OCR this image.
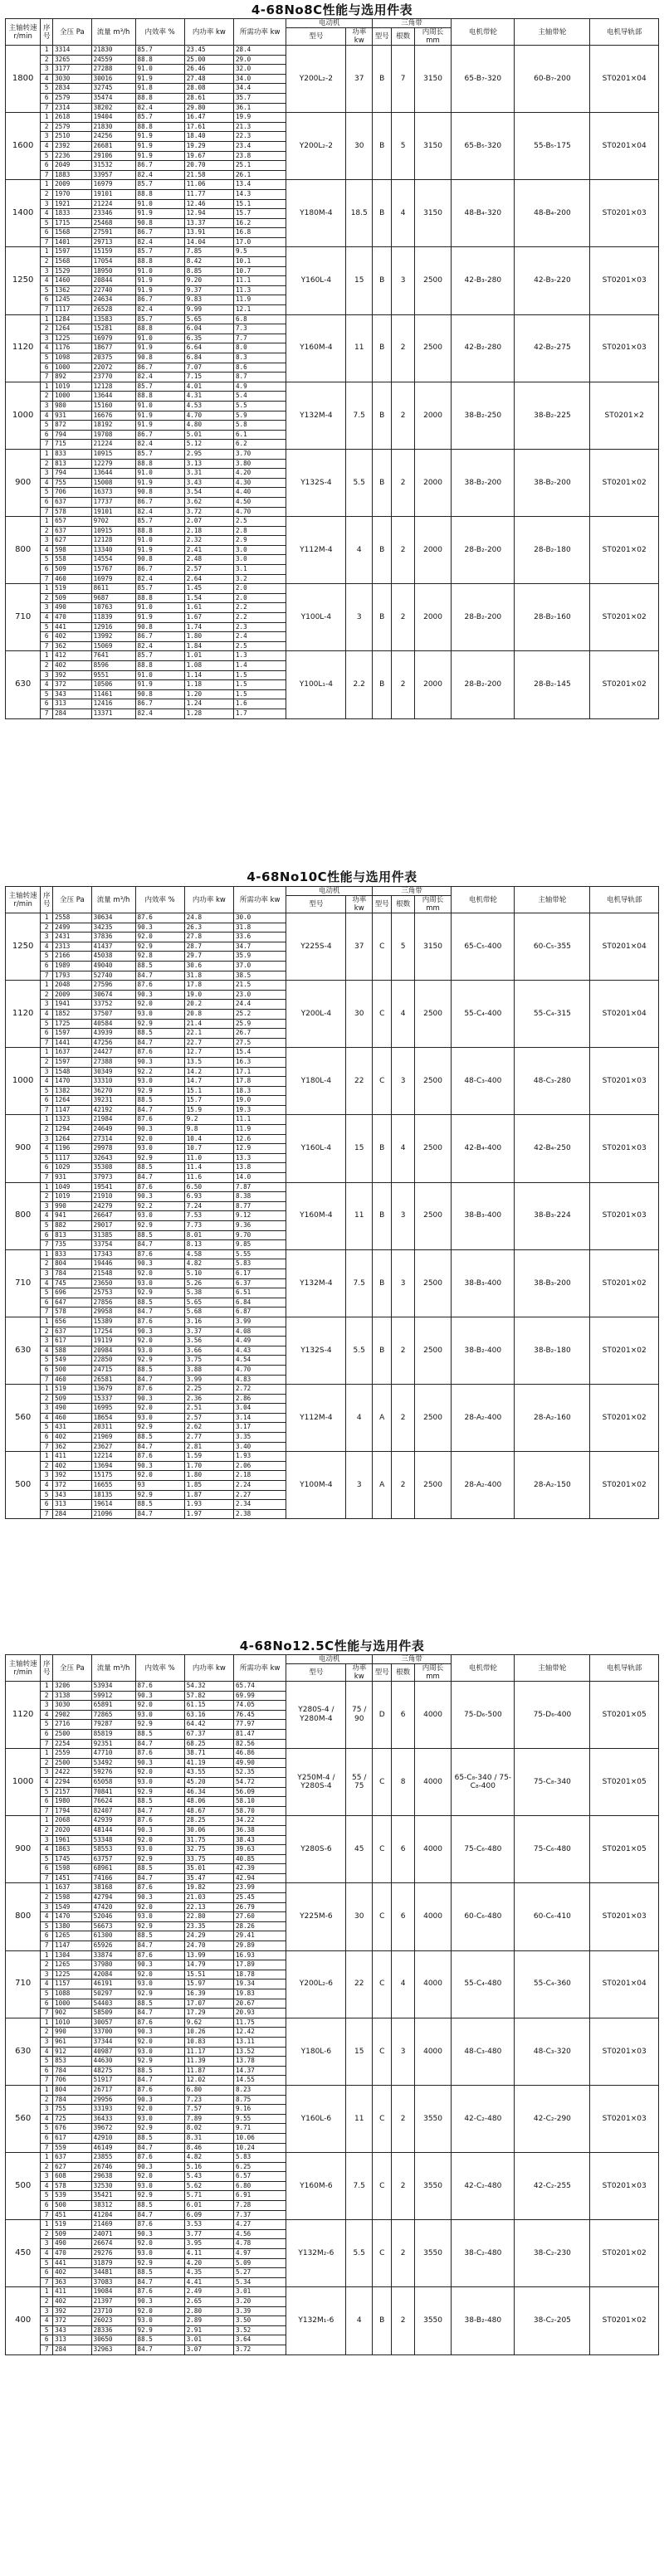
4-68No8C性能与选用件表
主轴转速 r/min	序号	全压 Pa	流量 m³/h	内效率 %	内功率 kw	所需功率 kw	电动机		三角带			电机带轮	主轴带轮	电机导轨部
							型号	功率 kw	型号	根数	内周长 mm			
1800	1	3314	21830	85.7	23.45	28.4	Y200L₂-2	37	B	7	3150	65-B₇-320	60-B₇-200	ST0201×04
	2	3265	24559	88.8	25.00	29.0								
	3	3177	27288	91.0	26.46	32.0								
	4	3030	30016	91.9	27.48	34.0								
	5	2834	32745	91.8	28.08	34.4								
	6	2579	35474	88.8	28.61	35.7								
	7	2314	38202	82.4	29.80	36.1								
1600	1	2618	19404	85.7	16.47	19.9	Y200L₂-2	30	B	5	3150	65-B₅-320	55-B₅-175	ST0201×04
	2	2579	21830	88.8	17.61	21.3								
	3	2510	24256	91.9	18.40	22.3								
	4	2392	26681	91.9	19.29	23.4								
	5	2236	29106	91.9	19.67	23.8								
	6	2049	31532	86.7	20.70	25.1								
	7	1883	33957	82.4	21.58	26.1								
1400	1	2009	16979	85.7	11.06	13.4	Y180M-4	18.5	B	4	3150	48-B₄-320	48-B₄-200	ST0201×03
	2	1970	19101	88.8	11.77	14.3								
	3	1921	21224	91.0	12.46	15.1								
	4	1833	23346	91.9	12.94	15.7								
	5	1715	25468	90.8	13.37	16.2								
	6	1568	27591	86.7	13.91	16.8								
	7	1401	29713	82.4	14.04	17.0								
1250	1	1597	15159	85.7	7.85	9.5	Y160L-4	15	B	3	2500	42-B₃-280	42-B₃-220	ST0201×03
	2	1568	17054	88.8	8.42	10.1								
	3	1529	18950	91.0	8.85	10.7								
	4	1460	20844	91.9	9.20	11.1								
	5	1362	22740	91.9	9.37	11.3								
	6	1245	24634	86.7	9.83	11.9								
	7	1117	26528	82.4	9.99	12.1								
1120	1	1284	13583	85.7	5.65	6.8	Y160M-4	11	B	2	2500	42-B₂-280	42-B₂-275	ST0201×03
	2	1264	15281	88.8	6.04	7.3								
	3	1225	16979	91.0	6.35	7.7								
	4	1176	18677	91.9	6.64	8.0								
	5	1098	20375	90.8	6.84	8.3								
	6	1000	22072	86.7	7.07	8.6								
	7	892	23770	82.4	7.15	8.7								
1000	1	1019	12128	85.7	4.01	4.9	Y132M-4	7.5	B	2	2000	38-B₂-250	38-B₂-225	ST0201×2
	2	1000	13644	88.8	4.31	5.4								
	3	980	15160	91.0	4.53	5.5								
	4	931	16676	91.9	4.70	5.9								
	5	872	18192	91.9	4.80	5.8								
	6	794	19708	86.7	5.01	6.1								
	7	715	21224	82.4	5.12	6.2								
900	1	833	10915	85.7	2.95	3.70	Y132S-4	5.5	B	2	2000	38-B₂-200	38-B₂-200	ST0201×02
	2	813	12279	88.8	3.13	3.80								
	3	794	13644	91.0	3.31	4.20								
	4	755	15008	91.9	3.43	4.30								
	5	706	16373	90.8	3.54	4.40								
	6	637	17737	86.7	3.62	4.50								
	7	578	19101	82.4	3.72	4.70								
800	1	657	9702	85.7	2.07	2.5	Y112M-4	4	B	2	2000	28-B₂-200	28-B₂-180	ST0201×02
	2	637	10915	88.8	2.18	2.8								
	3	627	12128	91.0	2.32	2.9								
	4	598	13340	91.9	2.41	3.0								
	5	558	14554	90.8	2.48	3.0								
	6	509	15767	86.7	2.57	3.1								
	7	460	16979	82.4	2.64	3.2								
710	1	519	8611	85.7	1.45	2.0	Y100L-4	3	B	2	2000	28-B₂-200	28-B₂-160	ST0201×02
	2	509	9687	88.8	1.54	2.0								
	3	490	10763	91.0	1.61	2.2								
	4	470	11839	91.9	1.67	2.2								
	5	441	12916	90.8	1.74	2.3								
	6	402	13992	86.7	1.80	2.4								
	7	362	15069	82.4	1.84	2.5								
630	1	412	7641	85.7	1.01	1.3	Y100L₁-4	2.2	B	2	2000	28-B₂-200	28-B₂-145	ST0201×02
	2	402	8596	88.8	1.08	1.4								
	3	392	9551	91.0	1.14	1.5								
	4	372	10506	91.9	1.18	1.5								
	5	343	11461	90.8	1.20	1.5								
	6	313	12416	86.7	1.24	1.6								
	7	284	13371	82.4	1.28	1.7								
4-68No10C性能与选用件表
主轴转速 r/min	序号	全压 Pa	流量 m³/h	内效率 %	内功率 kw	所需功率 kw	电动机		三角带			电机带轮	主轴带轮	电机导轨部
							型号	功率 kw	型号	根数	内周长 mm			
1250	1	2558	30634	87.6	24.8	30.0	Y225S-4	37	C	5	3150	65-C₅-400	60-C₅-355	ST0201×04
	2	2499	34235	90.3	26.3	31.8								
	3	2431	37836	92.0	27.8	33.6								
	4	2313	41437	92.9	28.7	34.7								
	5	2166	45038	92.8	29.7	35.9								
	6	1989	49040	88.5	30.6	37.0								
	7	1793	52740	84.7	31.8	38.5								
1120	1	2048	27596	87.6	17.8	21.5	Y200L-4	30	C	4	2500	55-C₄-400	55-C₄-315	ST0201×04
	2	2009	30674	90.3	19.0	23.0								
	3	1941	33752	92.0	20.2	24.4								
	4	1852	37507	93.0	20.8	25.2								
	5	1725	40584	92.9	21.4	25.9								
	6	1597	43939	88.5	22.1	26.7								
	7	1441	47256	84.7	22.7	27.5								
1000	1	1637	24427	87.6	12.7	15.4	Y180L-4	22	C	3	2500	48-C₃-400	48-C₃-280	ST0201×03
	2	1597	27388	90.3	13.5	16.3								
	3	1548	30349	92.2	14.2	17.1								
	4	1470	33310	93.0	14.7	17.8								
	5	1382	36270	92.9	15.1	18.3								
	6	1264	39231	88.5	15.7	19.0								
	7	1147	42192	84.7	15.9	19.3								
900	1	1323	21984	87.6	9.2	11.1	Y160L-4	15	B	4	2500	42-B₄-400	42-B₄-250	ST0201×03
	2	1294	24649	90.3	9.8	11.9								
	3	1264	27314	92.0	10.4	12.6								
	4	1196	29978	93.0	10.7	12.9								
	5	1117	32643	92.9	11.0	13.3								
	6	1029	35308	88.5	11.4	13.8								
	7	931	37973	84.7	11.6	14.0								
800	1	1049	19541	87.6	6.50	7.87	Y160M-4	11	B	3	2500	38-B₃-400	38-B₃-224	ST0201×03
	2	1019	21910	90.3	6.93	8.38								
	3	990	24279	92.2	7.24	8.77								
	4	941	26647	93.0	7.53	9.12								
	5	882	29017	92.9	7.73	9.36								
	6	813	31385	88.5	8.01	9.70								
	7	735	33754	84.7	8.13	9.85								
710	1	833	17343	87.6	4.58	5.55	Y132M-4	7.5	B	3	2500	38-B₃-400	38-B₃-200	ST0201×02
	2	804	19446	90.3	4.82	5.83								
	3	784	21548	92.0	5.10	6.17								
	4	745	23650	93.0	5.26	6.37								
	5	696	25753	92.9	5.38	6.51								
	6	647	27856	88.5	5.65	6.84								
	7	578	29958	84.7	5.68	6.87								
630	1	656	15389	87.6	3.16	3.99	Y132S-4	5.5	B	2	2500	38-B₂-400	38-B₂-180	ST0201×02
	2	637	17254	90.3	3.37	4.08								
	3	617	19119	92.0	3.56	4.49								
	4	588	20984	93.0	3.66	4.43								
	5	549	22850	92.9	3.75	4.54								
	6	500	24715	88.5	3.88	4.70								
	7	460	26581	84.7	3.99	4.83								
560	1	519	13679	87.6	2.25	2.72	Y112M-4	4	A	2	2500	28-A₂-400	28-A₂-160	ST0201×02
	2	509	15337	90.3	2.36	2.86								
	3	490	16995	92.0	2.51	3.04								
	4	460	18654	93.0	2.57	3.14								
	5	431	20311	92.9	2.62	3.17								
	6	402	21969	88.5	2.77	3.35								
	7	362	23627	84.7	2.81	3.40								
500	1	411	12214	87.6	1.59	1.93	Y100M-4	3	A	2	2500	28-A₂-400	28-A₂-150	ST0201×02
	2	402	13694	90.3	1.70	2.06								
	3	392	15175	92.0	1.80	2.18								
	4	372	16655	93	1.85	2.24								
	5	343	18135	92.9	1.87	2.27								
	6	313	19614	88.5	1.93	2.34								
	7	284	21096	84.7	1.97	2.38								
4-68No12.5C性能与选用件表
主轴转速 r/min	序号	全压 Pa	流量 m³/h	内效率 %	内功率 kw	所需功率 kw	电动机		三角带			电机带轮	主轴带轮	电机导轨部
							型号	功率 kw	型号	根数	内周长 mm			
1120	1	3206	53934	87.6	54.32	65.74	Y280S-4 / Y280M-4	75 / 90	D	6	4000	75-D₆-500	75-D₆-400	ST0201×05
	2	3138	59912	90.3	57.82	69.99								
	3	3030	65891	92.0	61.15	74.05								
	4	2902	72865	93.0	63.16	76.45								
	5	2716	79287	92.9	64.42	77.97								
	6	2500	85819	88.5	67.37	81.47								
	7	2254	92351	84.7	68.25	82.56								
1000	1	2559	47710	87.6	38.71	46.86	Y250M-4 / Y280S-4	55 / 75	C	8	4000	65-C₈-340 / 75-C₈-400	75-C₈-340	ST0201×05
	2	2500	53492	90.3	41.19	49.90								
	3	2422	59276	92.0	43.55	52.35								
	4	2294	65058	93.0	45.20	54.72								
	5	2157	70841	92.9	46.34	56.09								
	6	1980	76624	88.5	48.06	58.10								
	7	1794	82407	84.7	48.67	58.70								
900	1	2068	42939	87.6	28.25	34.22	Y280S-6	45	C	6	4000	75-C₆-480	75-C₆-480	ST0201×05
	2	2020	48144	90.3	30.06	36.38								
	3	1961	53348	92.0	31.75	38.43								
	4	1863	58553	93.0	32.75	39.63								
	5	1745	63757	92.9	33.75	40.85								
	6	1598	68961	88.5	35.01	42.39								
	7	1451	74166	84.7	35.47	42.94								
800	1	1637	38168	87.6	19.82	23.99	Y225M-6	30	C	6	4000	60-C₆-480	60-C₆-410	ST0201×03
	2	1598	42794	90.3	21.03	25.45								
	3	1549	47420	92.0	22.13	26.79								
	4	1470	52046	93.0	22.80	27.60								
	5	1380	56673	92.9	23.35	28.26								
	6	1265	61300	88.5	24.29	29.41								
	7	1147	65926	84.7	24.70	29.89								
710	1	1304	33874	87.6	13.99	16.93	Y200L₂-6	22	C	4	4000	55-C₄-480	55-C₄-360	ST0201×04
	2	1265	37980	90.3	14.79	17.89								
	3	1225	42084	92.0	15.51	18.78								
	4	1157	46191	93.0	15.97	19.34								
	5	1088	50297	92.9	16.39	19.83								
	6	1000	54403	88.5	17.07	20.67								
	7	902	58509	84.7	17.29	20.93								
630	1	1010	30057	87.6	9.62	11.75	Y180L-6	15	C	3	4000	48-C₃-480	48-C₃-320	ST0201×03
	2	990	33700	90.3	10.26	12.42								
	3	961	37344	92.0	10.83	13.11								
	4	912	40987	93.0	11.17	13.52								
	5	853	44630	92.9	11.39	13.78								
	6	784	48275	88.5	11.87	14.37								
	7	706	51917	84.7	12.02	14.55								
560	1	804	26717	87.6	6.80	8.23	Y160L-6	11	C	2	3550	42-C₂-480	42-C₂-290	ST0201×03
	2	784	29956	90.3	7.23	8.75								
	3	755	33193	92.0	7.57	9.16								
	4	725	36433	93.0	7.89	9.55								
	5	676	39672	92.9	8.02	9.71								
	6	617	42910	88.5	8.31	10.06								
	7	559	46149	84.7	8.46	10.24								
500	1	637	23855	87.6	4.82	5.83	Y160M-6	7.5	C	2	3550	42-C₂-480	42-C₂-255	ST0201×03
	2	627	26746	90.3	5.16	6.25								
	3	608	29638	92.0	5.43	6.57								
	4	578	32530	93.0	5.62	6.80								
	5	539	35421	92.9	5.71	6.91								
	6	500	38312	88.5	6.01	7.28								
	7	451	41204	84.7	6.09	7.37								
450	1	519	21469	87.6	3.53	4.27	Y132M₂-6	5.5	C	2	3550	38-C₂-480	38-C₂-230	ST0201×02
	2	509	24071	90.3	3.77	4.56								
	3	490	26674	92.0	3.95	4.78								
	4	470	29276	93.0	4.11	4.97								
	5	441	31879	92.9	4.20	5.09								
	6	402	34481	88.5	4.35	5.27								
	7	363	37083	84.7	4.41	5.34								
400	1	411	19084	87.6	2.49	3.01	Y132M₁-6	4	B	2	3550	38-B₂-480	38-C₂-205	ST0201×02
	2	402	21397	90.3	2.65	3.20								
	3	392	23710	92.0	2.80	3.39								
	4	372	26023	93.0	2.89	3.50								
	5	343	28336	92.9	2.91	3.52								
	6	313	30650	88.5	3.01	3.64								
	7	284	32963	84.7	3.07	3.72								
